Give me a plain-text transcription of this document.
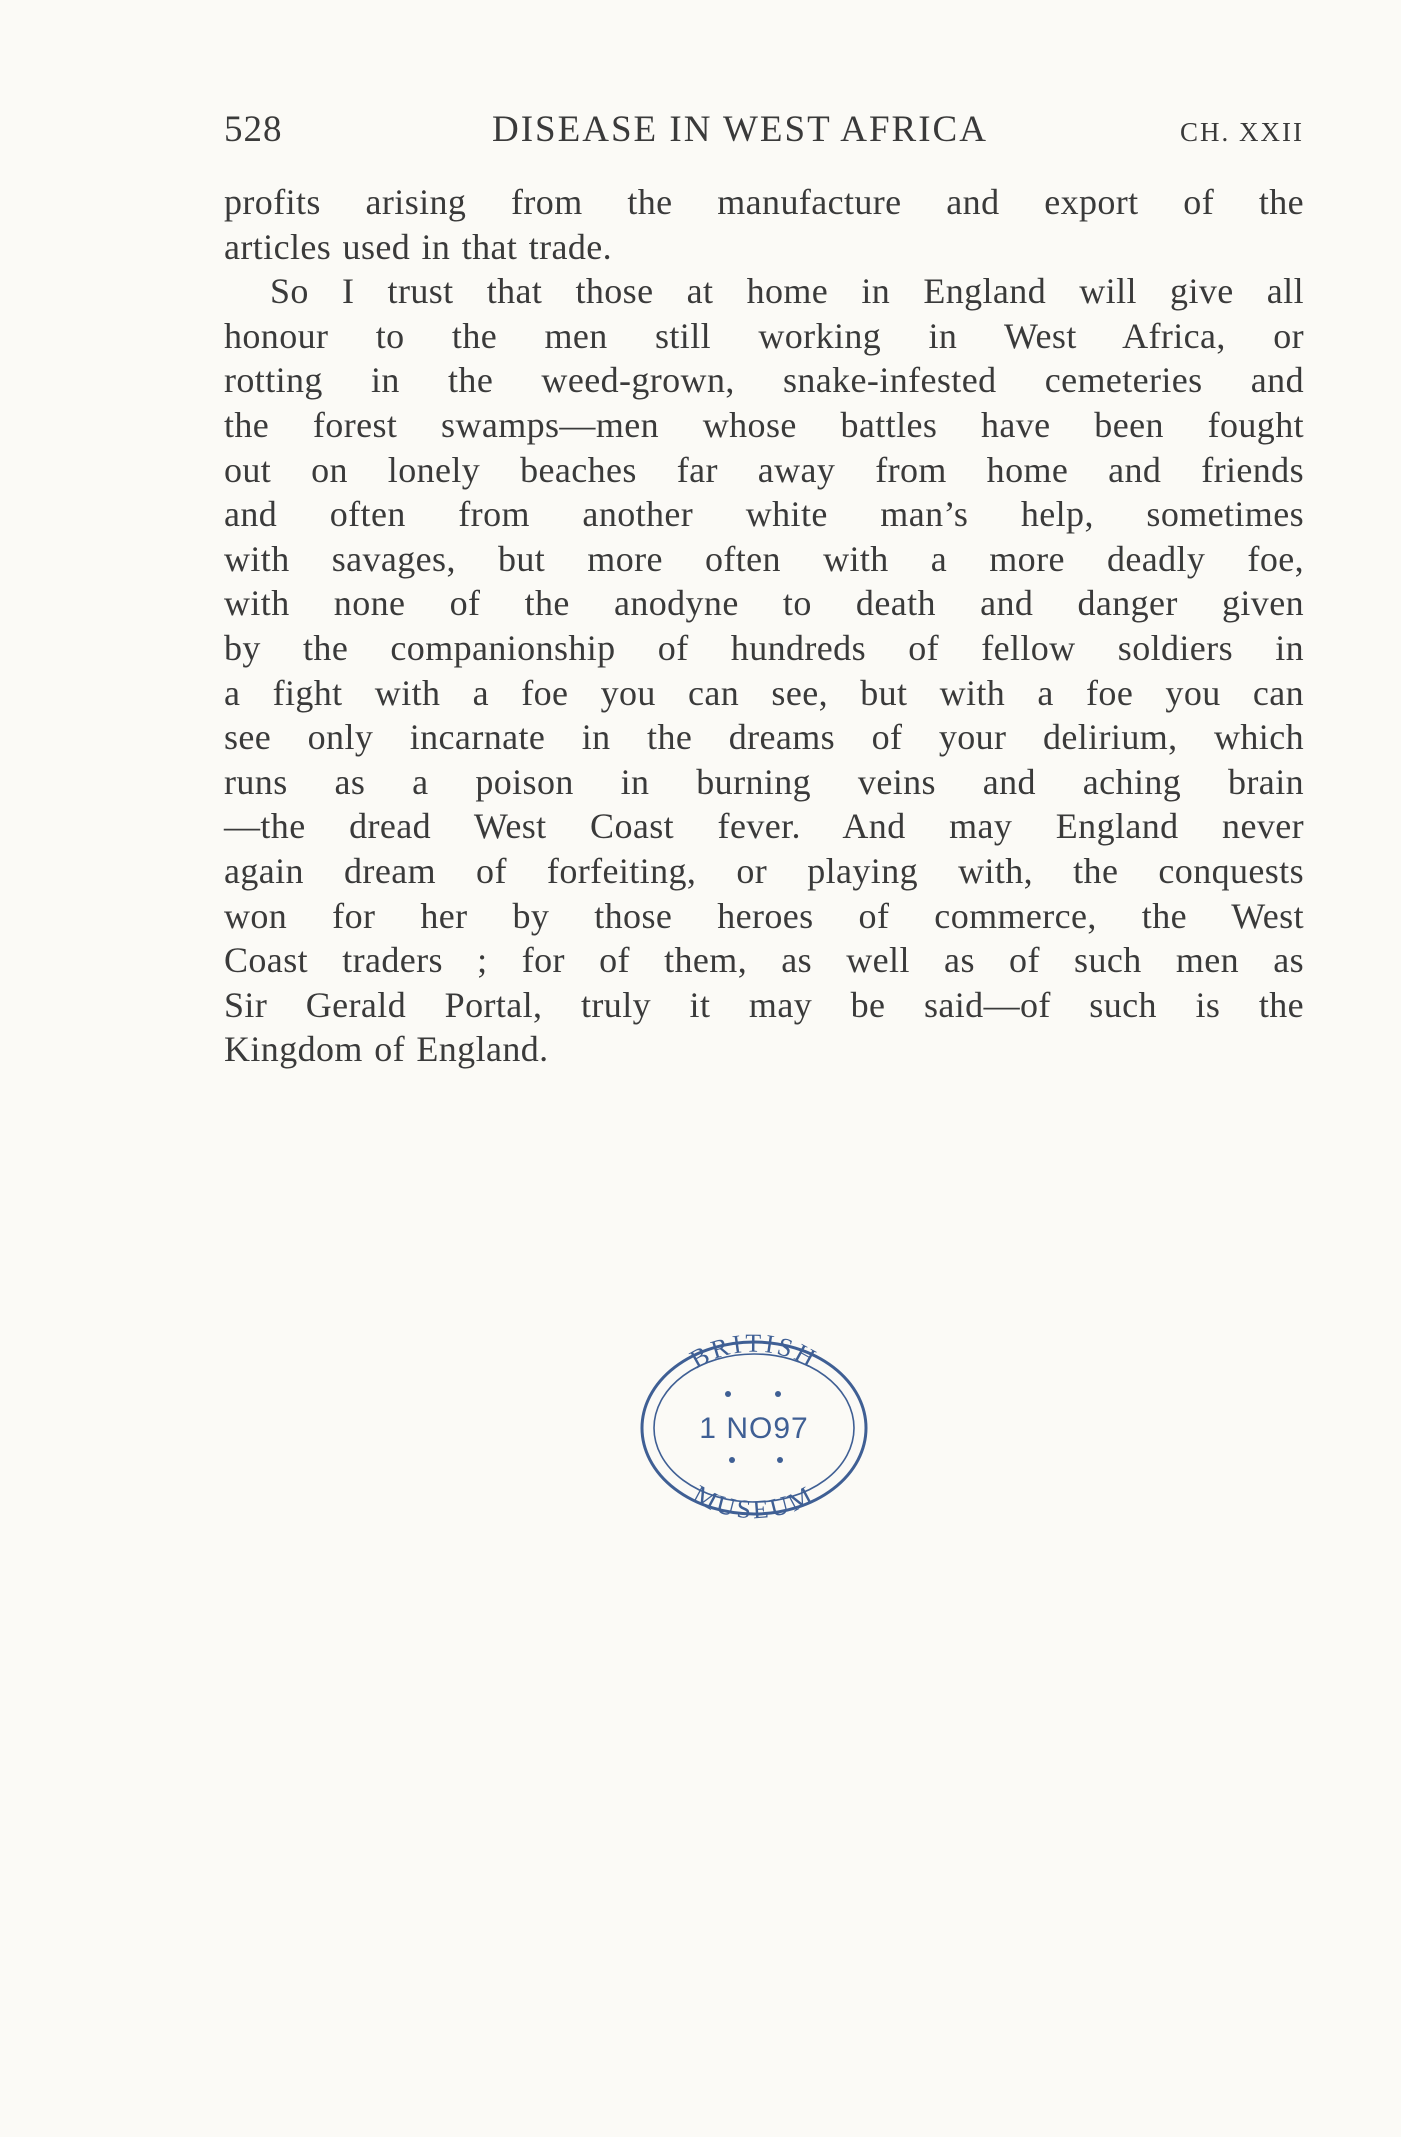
528	DISEASE IN WEST AFRICA	CH. XXII
profits arising from the manufacture and export of the
articles used in that trade.
So I trust that those at home in England will give all
honour to the men still working in West Africa, or
rotting in the weed-grown, snake-infested cemeteries and
the forest swamps—men whose battles have been fought
out on lonely beaches far away from home and friends
and often from another white man’s help, sometimes
with savages, but more often with a more deadly foe,
with none of the anodyne to death and danger given
by the companionship of hundreds of fellow soldiers in
a fight with a foe you can see, but with a foe you can
see only incarnate in the dreams of your delirium, which
runs as a poison in burning veins and aching brain
—the dread West Coast fever. And may England never
again dream of forfeiting, or playing with, the conquests
won for her by those heroes of commerce, the West
Coast traders ; for of them, as well as of such men as
Sir Gerald Portal, truly it may be said—of such is the
Kingdom of England.
BRITISH
1 NO97
MUSEUM
